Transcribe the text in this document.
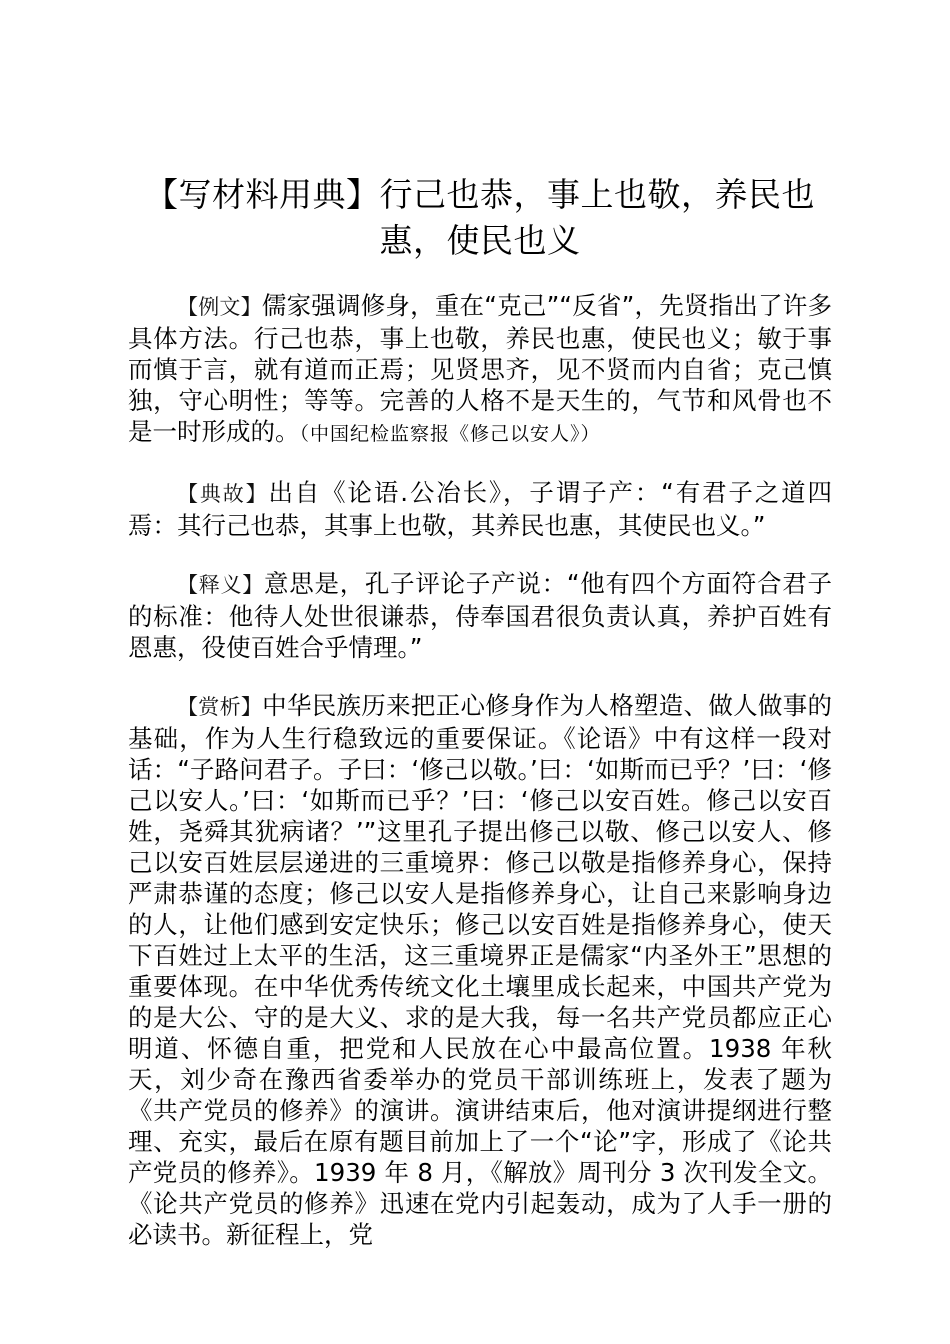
【写材料用典】行己也恭，事上也敬，养民也惠，使民也义

【例文】儒家强调修身，重在“克己”“反省”，先贤指出了许多具体方法。行己也恭，事上也敬，养民也惠，使民也义；敏于事而慎于言，就有道而正焉；见贤思齐，见不贤而内自省；克己慎独，守心明性；等等。完善的人格不是天生的，气节和风骨也不是一时形成的。（中国纪检监察报《修己以安人》）

【典故】出自《论语.公冶长》，子谓子产：“有君子之道四焉：其行己也恭，其事上也敬，其养民也惠，其使民也义。”

【释义】意思是，孔子评论子产说：“他有四个方面符合君子的标准：他待人处世很谦恭，侍奉国君很负责认真，养护百姓有恩惠，役使百姓合乎情理。”

【赏析】中华民族历来把正心修身作为人格塑造、做人做事的基础，作为人生行稳致远的重要保证。《论语》中有这样一段对话：“子路问君子。子曰：‘修己以敬。’曰：‘如斯而已乎？’曰：‘修己以安人。’曰：‘如斯而已乎？’曰：‘修己以安百姓。修己以安百姓，尧舜其犹病诸？’”这里孔子提出修己以敬、修己以安人、修己以安百姓层层递进的三重境界：修己以敬是指修养身心，保持严肃恭谨的态度；修己以安人是指修养身心，让自己来影响身边的人，让他们感到安定快乐；修己以安百姓是指修养身心，使天下百姓过上太平的生活，这三重境界正是儒家“内圣外王”思想的重要体现。在中华优秀传统文化土壤里成长起来，中国共产党为的是大公、守的是大义、求的是大我，每一名共产党员都应正心明道、怀德自重，把党和人民放在心中最高位置。1938 年秋天，刘少奇在豫西省委举办的党员干部训练班上，发表了题为《共产党员的修养》的演讲。演讲结束后，他对演讲提纲进行整理、充实，最后在原有题目前加上了一个“论”字，形成了《论共产党员的修养》。1939 年 8 月，《解放》周刊分 3 次刊发全文。《论共产党员的修养》迅速在党内引起轰动，成为了人手一册的必读书。新征程上，党
